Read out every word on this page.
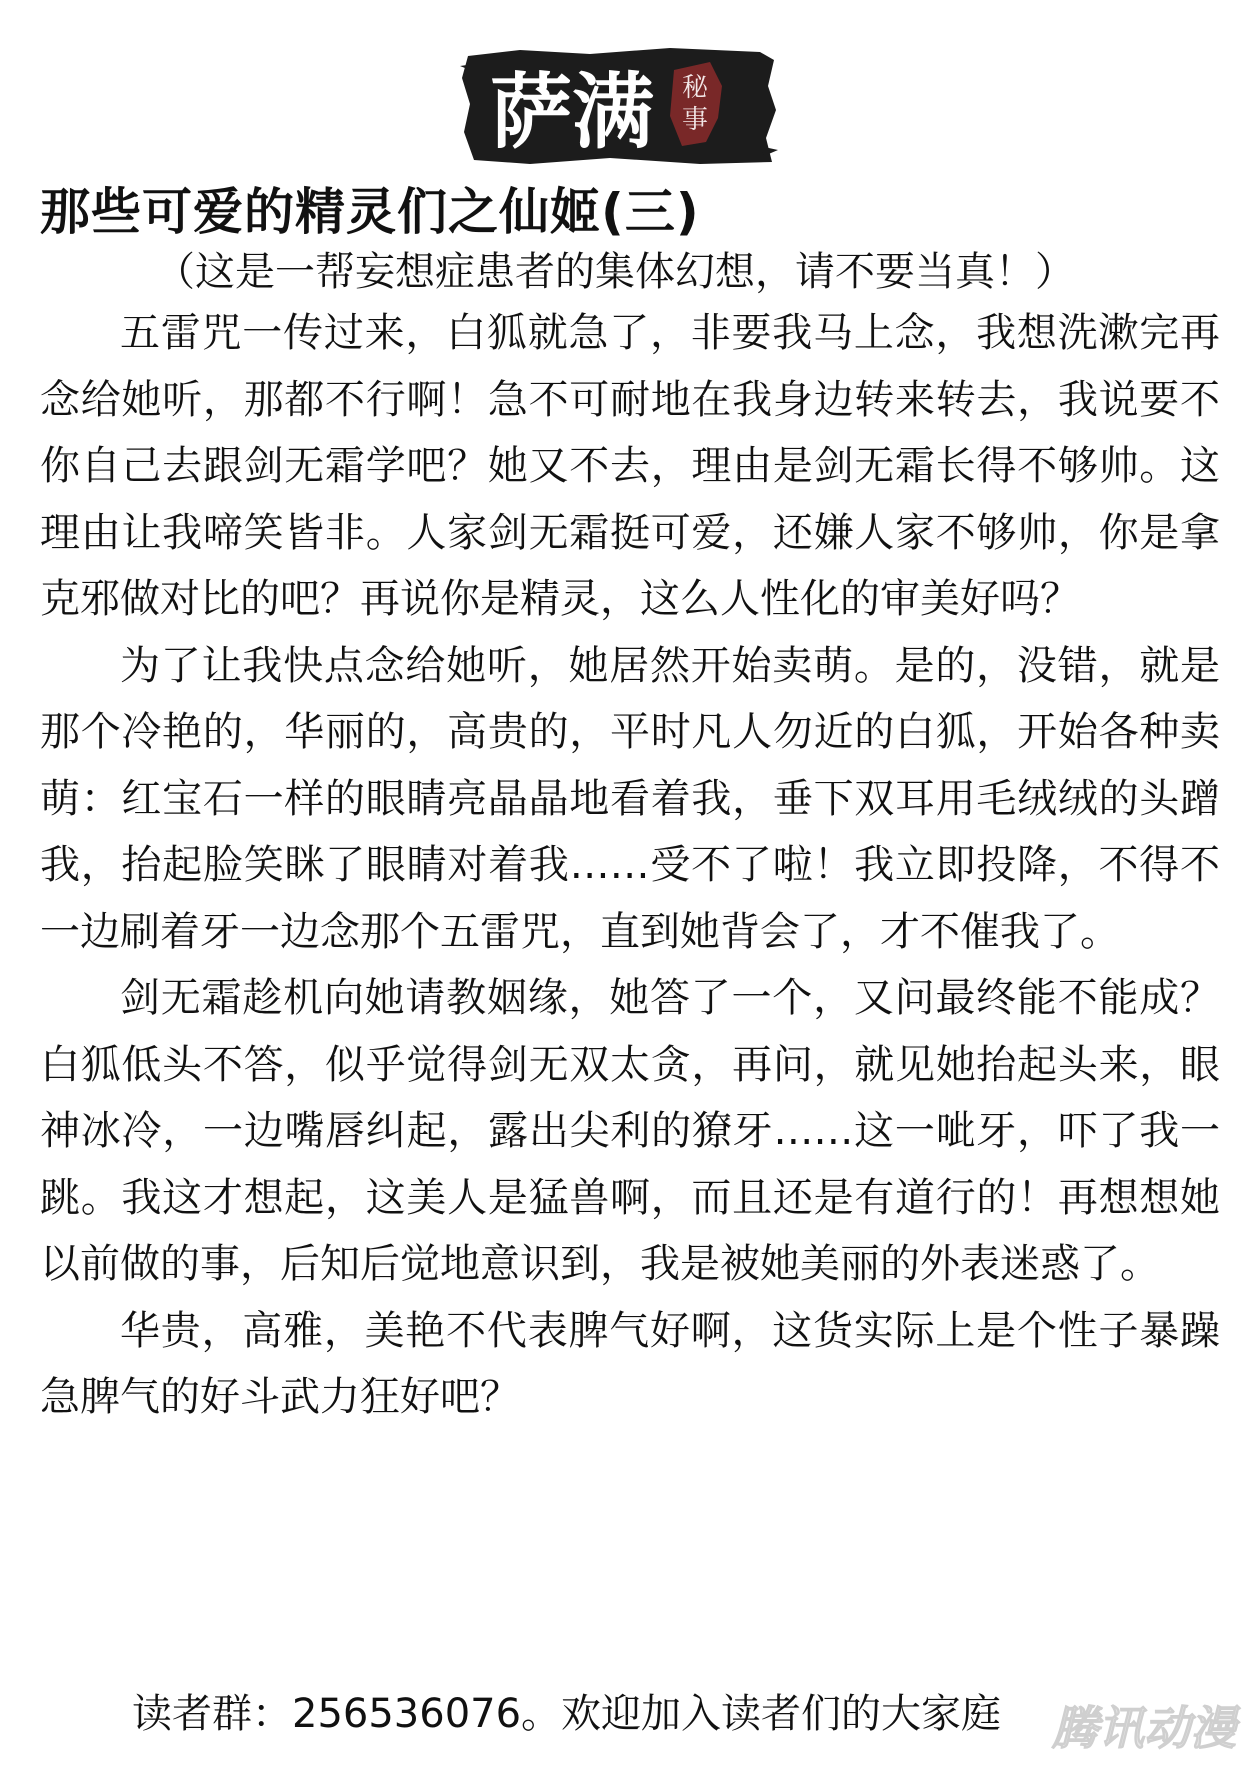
萨满 秘事
那些可爱的精灵们之仙姬(三)

（这是一帮妄想症患者的集体幻想，请不要当真！）

五雷咒一传过来，白狐就急了，非要我马上念，我想洗漱完再念给她听，那都不行啊！急不可耐地在我身边转来转去，我说要不你自己去跟剑无霜学吧？她又不去，理由是剑无霜长得不够帅。这理由让我啼笑皆非。人家剑无霜挺可爱，还嫌人家不够帅，你是拿克邪做对比的吧？再说你是精灵，这么人性化的审美好吗？

为了让我快点念给她听，她居然开始卖萌。是的，没错，就是那个冷艳的，华丽的，高贵的，平时凡人勿近的白狐，开始各种卖萌：红宝石一样的眼睛亮晶晶地看着我，垂下双耳用毛绒绒的头蹭我，抬起脸笑眯了眼睛对着我……受不了啦！我立即投降，不得不一边刷着牙一边念那个五雷咒，直到她背会了，才不催我了。

剑无霜趁机向她请教姻缘，她答了一个，又问最终能不能成？白狐低头不答，似乎觉得剑无双太贪，再问，就见她抬起头来，眼神冰冷，一边嘴唇纠起，露出尖利的獠牙……这一呲牙，吓了我一跳。我这才想起，这美人是猛兽啊，而且还是有道行的！再想想她以前做的事，后知后觉地意识到，我是被她美丽的外表迷惑了。

华贵，高雅，美艳不代表脾气好啊，这货实际上是个性子暴躁急脾气的好斗武力狂好吧？

读者群：256536076。欢迎加入读者们的大家庭 腾讯动漫
